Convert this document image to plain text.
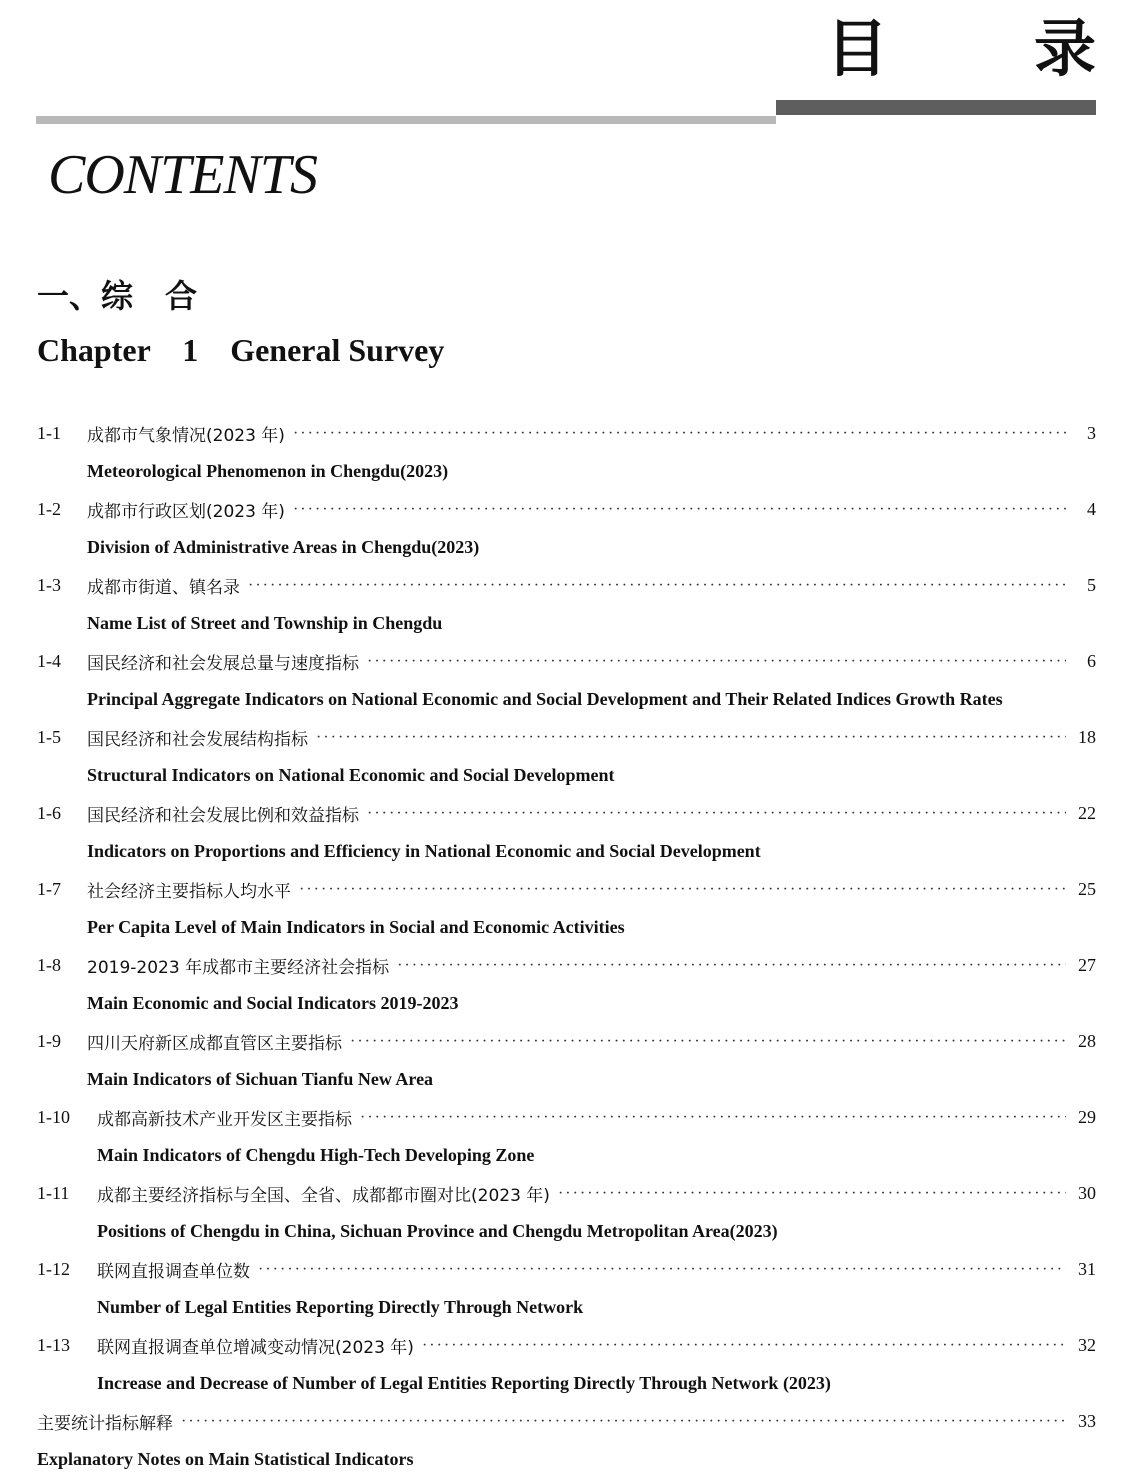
目 录
CONTENTS
一、综　合
Chapter　1　General Survey
1-1	成都市气象情况(2023 年) ·····	3
Meteorological Phenomenon in Chengdu(2023)
1-2	成都市行政区划(2023 年) ·····	4
Division of Administrative Areas in Chengdu(2023)
1-3	成都市街道、镇名录 ·····	5
Name List of Street and Township in Chengdu
1-4	国民经济和社会发展总量与速度指标 ·····	6
Principal Aggregate Indicators on National Economic and Social Development and Their Related Indices Growth Rates
1-5	国民经济和社会发展结构指标 ·····	18
Structural Indicators on National Economic and Social Development
1-6	国民经济和社会发展比例和效益指标 ·····	22
Indicators on Proportions and Efficiency in National Economic and Social Development
1-7	社会经济主要指标人均水平 ·····	25
Per Capita Level of Main Indicators in Social and Economic Activities
1-8	2019-2023 年成都市主要经济社会指标 ·····	27
Main Economic and Social Indicators 2019-2023
1-9	四川天府新区成都直管区主要指标 ·····	28
Main Indicators of Sichuan Tianfu New Area
1-10	成都高新技术产业开发区主要指标 ·····	29
Main Indicators of Chengdu High-Tech Developing Zone
1-11	成都主要经济指标与全国、全省、成都都市圈对比(2023 年) ·····	30
Positions of Chengdu in China, Sichuan Province and Chengdu Metropolitan Area(2023)
1-12	联网直报调查单位数 ·····	31
Number of Legal Entities Reporting Directly Through Network
1-13	联网直报调查单位增减变动情况(2023 年) ·····	32
Increase and Decrease of Number of Legal Entities Reporting Directly Through Network (2023)
主要统计指标解释 ·····	33
Explanatory Notes on Main Statistical Indicators
